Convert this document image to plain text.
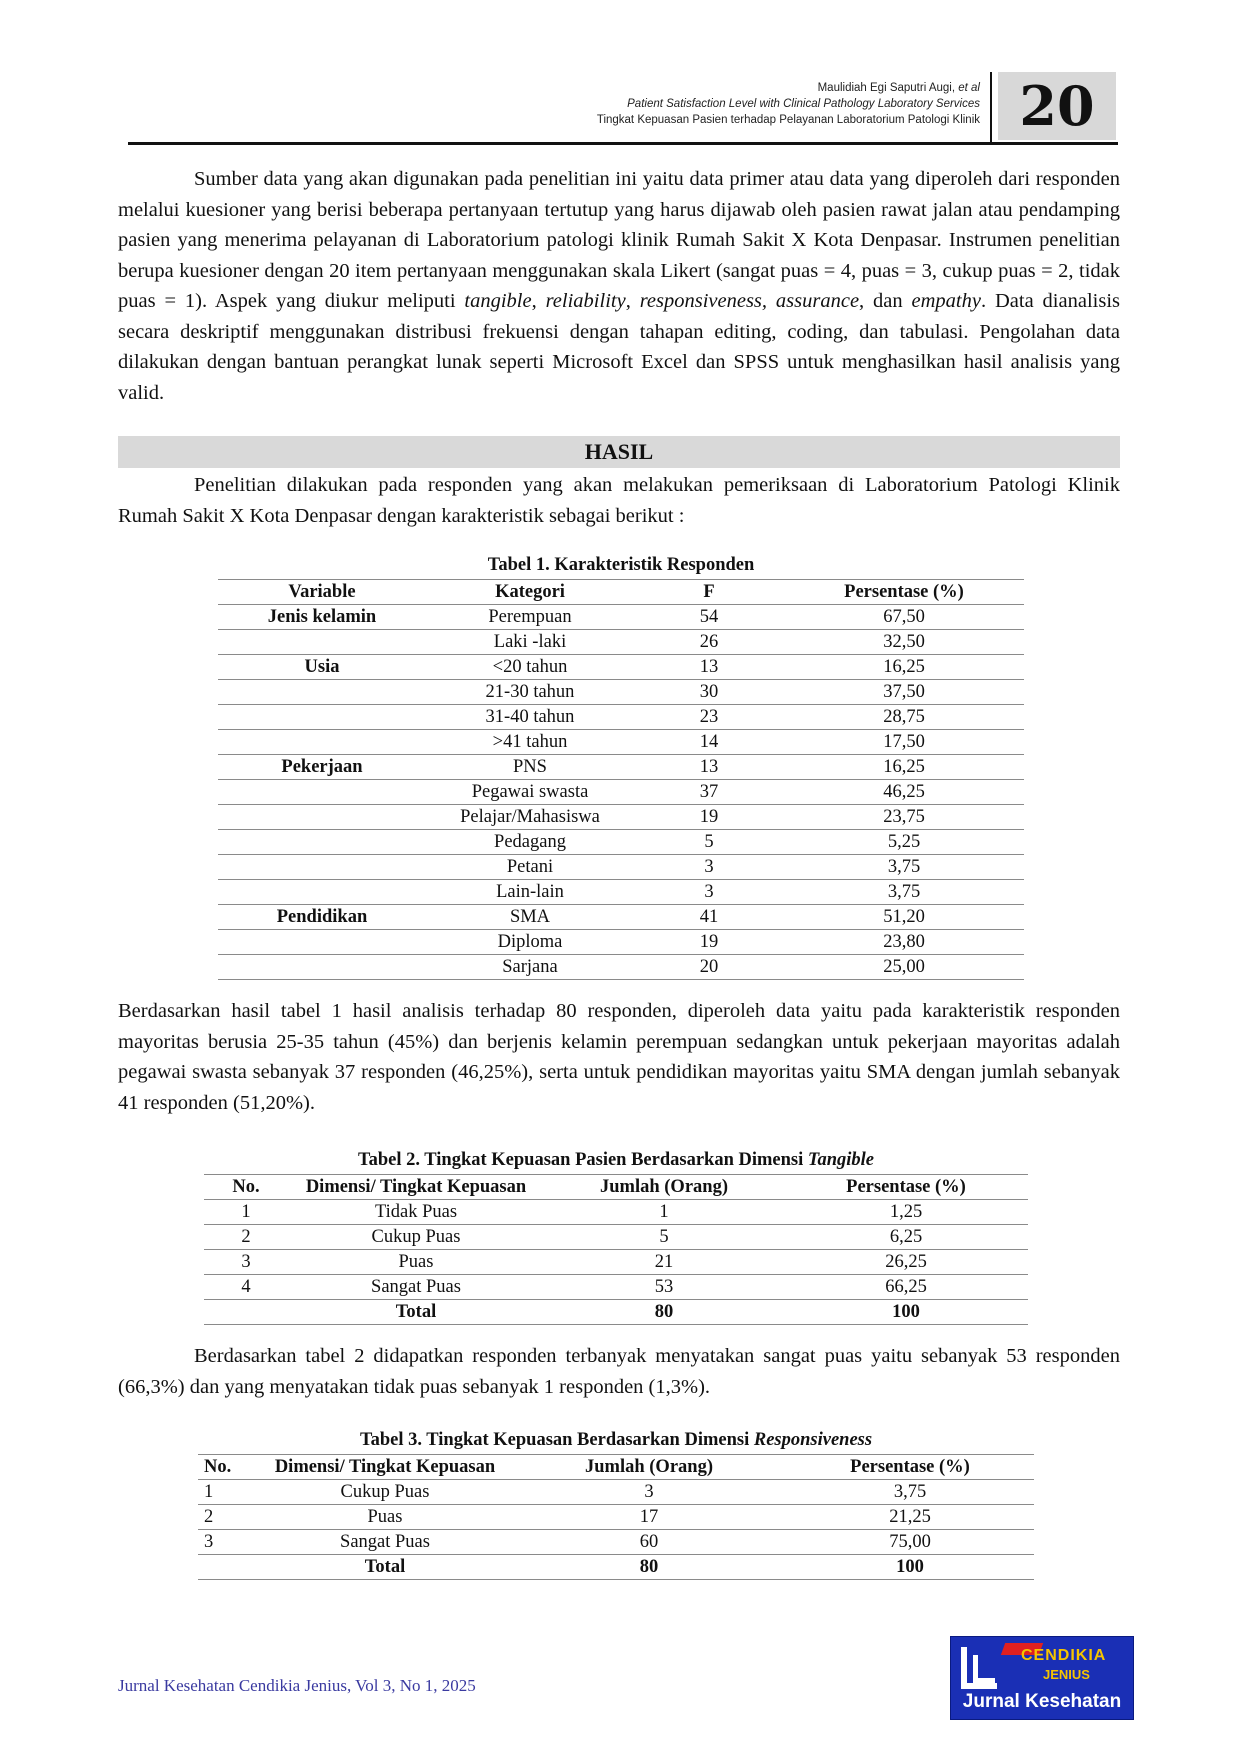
Maulidiah Egi Saputri Augi, et al
Patient Satisfaction Level with Clinical Pathology Laboratory Services
Tingkat Kepuasan Pasien terhadap Pelayanan Laboratorium Patologi Klinik 20

Sumber data yang akan digunakan pada penelitian ini yaitu data primer atau data yang diperoleh dari responden melalui kuesioner yang berisi beberapa pertanyaan tertutup yang harus dijawab oleh pasien rawat jalan atau pendamping pasien yang menerima pelayanan di Laboratorium patologi klinik Rumah Sakit X Kota Denpasar. Instrumen penelitian berupa kuesioner dengan 20 item pertanyaan menggunakan skala Likert (sangat puas = 4, puas = 3, cukup puas = 2, tidak puas = 1). Aspek yang diukur meliputi tangible, reliability, responsiveness, assurance, dan empathy. Data dianalisis secara deskriptif menggunakan distribusi frekuensi dengan tahapan editing, coding, dan tabulasi. Pengolahan data dilakukan dengan bantuan perangkat lunak seperti Microsoft Excel dan SPSS untuk menghasilkan hasil analisis yang valid.

HASIL

Penelitian dilakukan pada responden yang akan melakukan pemeriksaan di Laboratorium Patologi Klinik Rumah Sakit X Kota Denpasar dengan karakteristik sebagai berikut :

Tabel 1. Karakteristik Responden
Variable	Kategori	F	Persentase (%)
Jenis kelamin	Perempuan	54	67,50
	Laki -laki	26	32,50
Usia	<20 tahun	13	16,25
	21-30 tahun	30	37,50
	31-40 tahun	23	28,75
	>41 tahun	14	17,50
Pekerjaan	PNS	13	16,25
	Pegawai swasta	37	46,25
	Pelajar/Mahasiswa	19	23,75
	Pedagang	5	5,25
	Petani	3	3,75
	Lain-lain	3	3,75
Pendidikan	SMA	41	51,20
	Diploma	19	23,80
	Sarjana	20	25,00

Berdasarkan hasil tabel 1 hasil analisis terhadap 80 responden, diperoleh data yaitu pada karakteristik responden mayoritas berusia 25-35 tahun (45%) dan berjenis kelamin perempuan sedangkan untuk pekerjaan mayoritas adalah pegawai swasta sebanyak 37 responden (46,25%), serta untuk pendidikan mayoritas yaitu SMA dengan jumlah sebanyak 41 responden (51,20%).

Tabel 2. Tingkat Kepuasan Pasien Berdasarkan Dimensi Tangible
No.	Dimensi/ Tingkat Kepuasan	Jumlah (Orang)	Persentase (%)
1	Tidak Puas	1	1,25
2	Cukup Puas	5	6,25
3	Puas	21	26,25
4	Sangat Puas	53	66,25
	Total	80	100

Berdasarkan tabel 2 didapatkan responden terbanyak menyatakan sangat puas yaitu sebanyak 53 responden (66,3%) dan yang menyatakan tidak puas sebanyak 1 responden (1,3%).

Tabel 3. Tingkat Kepuasan Berdasarkan Dimensi Responsiveness
No.	Dimensi/ Tingkat Kepuasan	Jumlah (Orang)	Persentase (%)
1	Cukup Puas	3	3,75
2	Puas	17	21,25
3	Sangat Puas	60	75,00
	Total	80	100
Jurnal Kesehatan Cendikia Jenius, Vol 3, No 1, 2025
CENDIKIA
JENIUS
Jurnal Kesehatan
